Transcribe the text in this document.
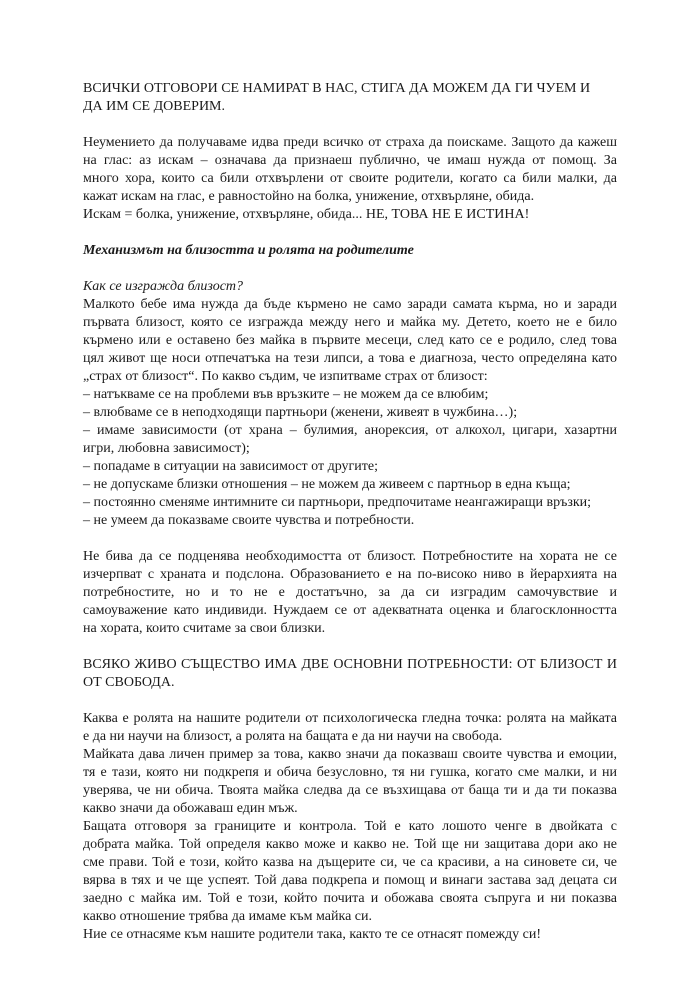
ВСИЧКИ ОТГОВОРИ СЕ НАМИРАТ В НАС, СТИГА ДА МОЖЕМ ДА ГИ ЧУЕМ И
ДА ИМ СЕ ДОВЕРИМ.

Неумението да получаваме идва преди всичко от страха да поискаме. Защото да кажеш
на глас: аз искам – означава да признаеш публично, че имаш нужда от помощ. За
много хора, които са били отхвърлени от своите родители, когато са били малки, да
кажат искам на глас, е равностойно на болка, унижение, отхвърляне, обида.
Искам = болка, унижение, отхвърляне, обида... НЕ, ТОВА НЕ Е ИСТИНА!

Механизмът на близостта и ролята на родителите

Как се изгражда близост?

Малкото бебе има нужда да бъде кърмено не само заради самата кърма, но и заради
първата близост, която се изгражда между него и майка му. Детето, което не е било
кърмено или е оставено без майка в първите месеци, след като се е родило, след това
цял живот ще носи отпечатъка на тези липси, а това е диагноза, често определяна като
„страх от близост“. По какво съдим, че изпитваме страх от близост:

– натъкваме се на проблеми във връзките – не можем да се влюбим;
– влюбваме се в неподходящи партньори (женени, живеят в чужбина…);
– имаме зависимости (от храна – булимия, анорексия, от алкохол, цигари, хазартни
игри, любовна зависимост);
– попадаме в ситуации на зависимост от другите;
– не допускаме близки отношения – не можем да живеем с партньор в една къща;
– постоянно сменяме интимните си партньори, предпочитаме неангажиращи връзки;
– не умеем да показваме своите чувства и потребности.

Не бива да се подценява необходимостта от близост. Потребностите на хората не се
изчерпват с храната и подслона. Образованието е на по-високо ниво в йерархията на
потребностите, но и то не е достатъчно, за да си изградим самочувствие и
самоуважение като индивиди. Нуждаем се от адекватната оценка и благосклонността
на хората, които считаме за свои близки.

ВСЯКО ЖИВО СЪЩЕСТВО ИМА ДВЕ ОСНОВНИ ПОТРЕБНОСТИ: ОТ БЛИЗОСТ И
ОТ СВОБОДА.

Каква е ролята на нашите родители от психологическа гледна точка: ролята на майката
е да ни научи на близост, а ролята на бащата е да ни научи на свобода.

Майката дава личен пример за това, какво значи да показваш своите чувства и емоции,
тя е тази, която ни подкрепя и обича безусловно, тя ни гушка, когато сме малки, и ни
уверява, че ни обича. Твоята майка следва да се възхищава от баща ти и да ти показва
какво значи да обожаваш един мъж.

Бащата отговоря за границите и контрола. Той е като лошото ченге в двойката с
добрата майка. Той определя какво може и какво не. Той ще ни защитава дори ако не
сме прави. Той е този, който казва на дъщерите си, че са красиви, а на синовете си, че
вярва в тях и че ще успеят. Той дава подкрепа и помощ и винаги застава зад децата си
заедно с майка им. Той е този, който почита и обожава своята съпруга и ни показва
какво отношение трябва да имаме към майка си.

Ние се отнасяме към нашите родители така, както те се отнасят помежду си!
